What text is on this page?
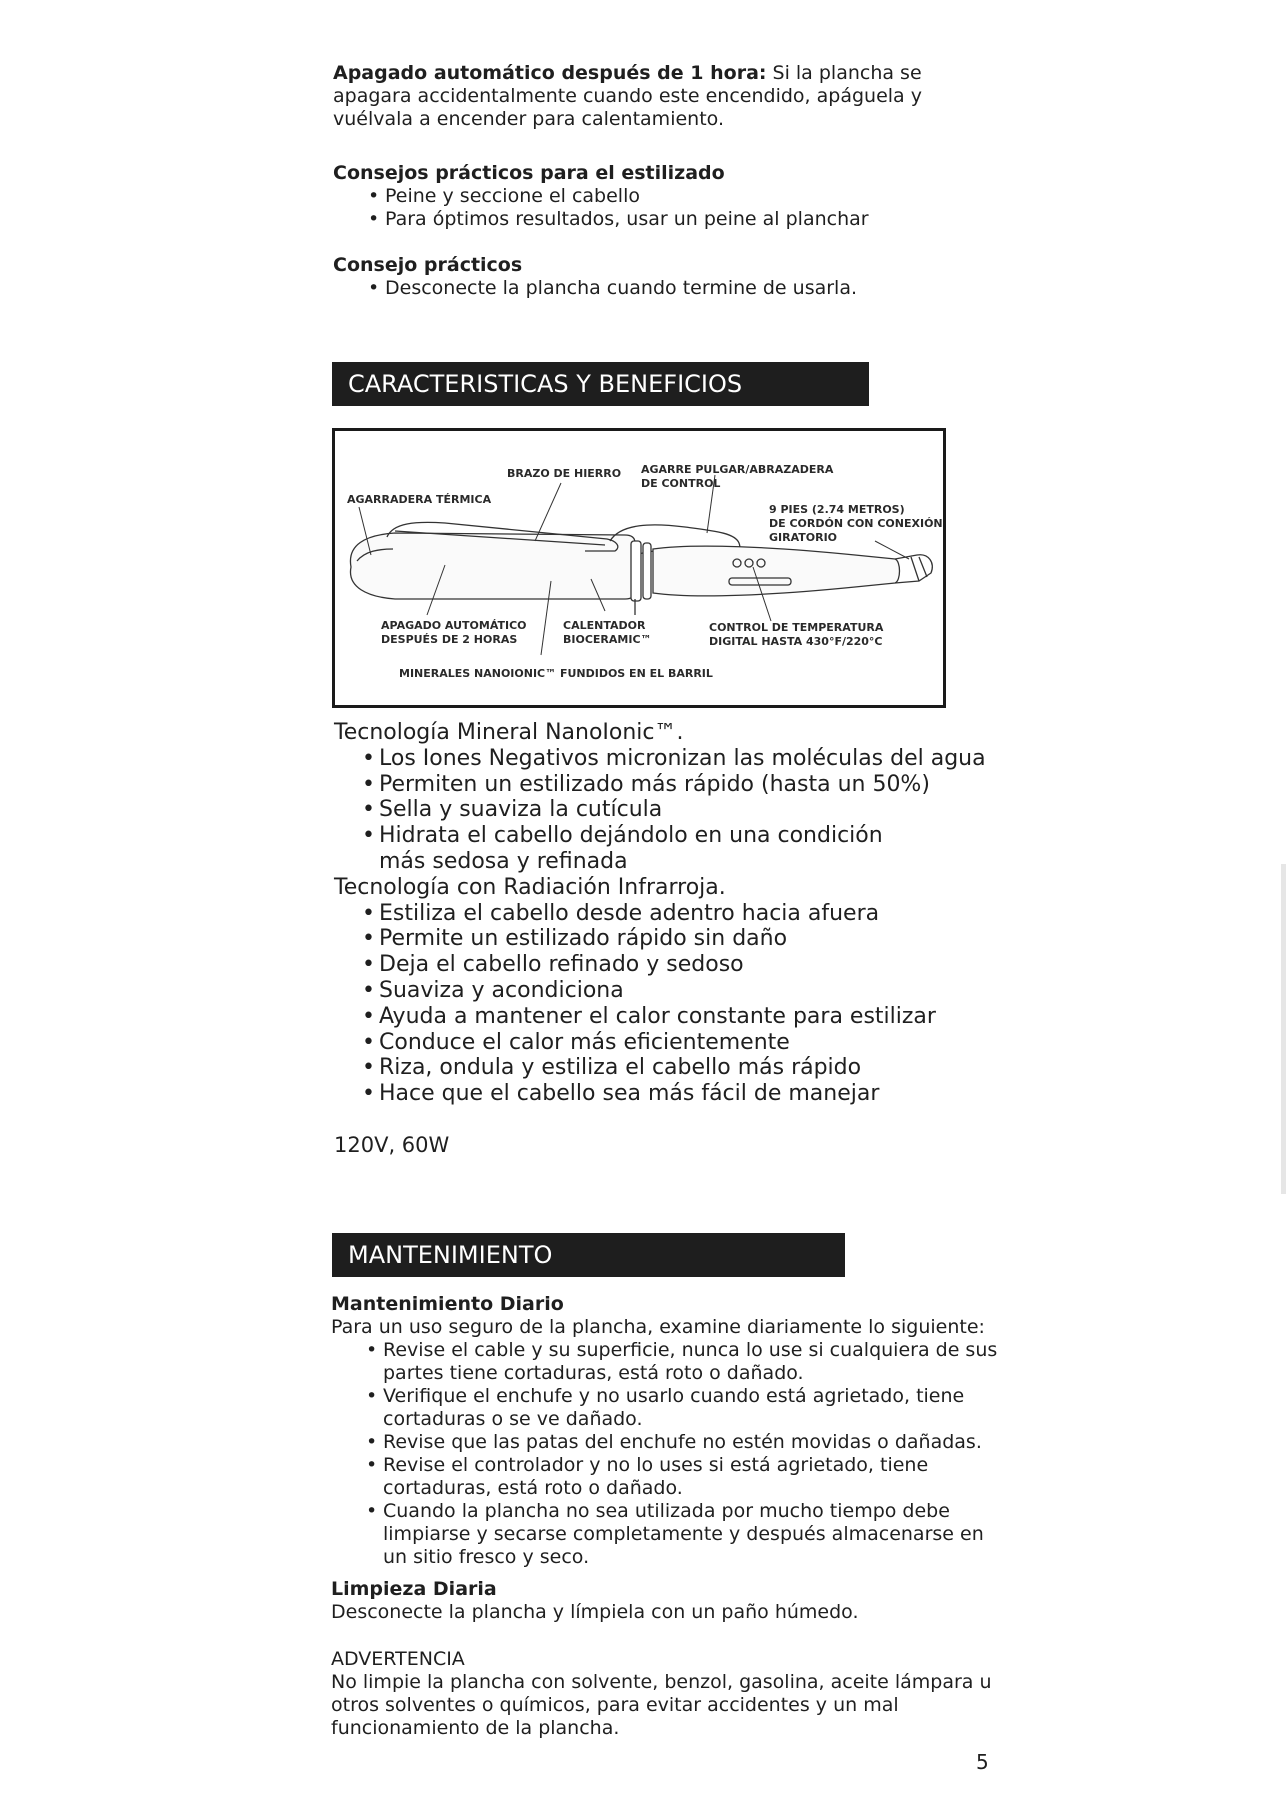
Apagado automático después de 1 hora: Si la plancha se apagara accidentalmente cuando este encendido, apáguela y vuélvala a encender para calentamiento.

Consejos prácticos para el estilizado

• Peine y seccione el cabello
• Para óptimos resultados, usar un peine al planchar

Consejo prácticos

• Desconecte la plancha cuando termine de usarla.
CARACTERISTICAS Y BENEFICIOS
AGARRADERA TÉRMICA
BRAZO DE HIERRO AGARRE PULGAR/ABRAZADERA
DE CONTROL
9 PIES (2.74 METROS)
DE CORDÓN CON CONEXIÓN
GIRATORIO
APAGADO AUTOMÁTICO
DESPUÉS DE 2 HORAS
CALENTADOR
BIOCERAMIC™
CONTROL DE TEMPERATURA
DIGITAL HASTA 430°F/220°C
MINERALES NANOIONIC™ FUNDIDOS EN EL BARRIL

Tecnología Mineral NanoIonic™.

• Los Iones Negativos micronizan las moléculas del agua
• Permiten un estilizado más rápido (hasta un 50%)
• Sella y suaviza la cutícula
• Hidrata el cabello dejándolo en una condición más sedosa y refinada

Tecnología con Radiación Infrarroja.

• Estiliza el cabello desde adentro hacia afuera
• Permite un estilizado rápido sin daño
• Deja el cabello refinado y sedoso
• Suaviza y acondiciona
• Ayuda a mantener el calor constante para estilizar
• Conduce el calor más eficientemente
• Riza, ondula y estiliza el cabello más rápido
• Hace que el cabello sea más fácil de manejar
120V, 60W
MANTENIMIENTO

Mantenimiento Diario

Para un uso seguro de la plancha, examine diariamente lo siguiente:

• Revise el cable y su superficie, nunca lo use si cualquiera de sus partes tiene cortaduras, está roto o dañado.
• Verifique el enchufe y no usarlo cuando está agrietado, tiene cortaduras o se ve dañado.
• Revise que las patas del enchufe no estén movidas o dañadas.
• Revise el controlador y no lo uses si está agrietado, tiene cortaduras, está roto o dañado.
• Cuando la plancha no sea utilizada por mucho tiempo debe limpiarse y secarse completamente y después almacenarse en un sitio fresco y seco.

Limpieza Diaria

Desconecte la plancha y límpiela con un paño húmedo.

ADVERTENCIA

No limpie la plancha con solvente, benzol, gasolina, aceite lámpara u otros solventes o químicos, para evitar accidentes y un mal funcionamiento de la plancha.

5
